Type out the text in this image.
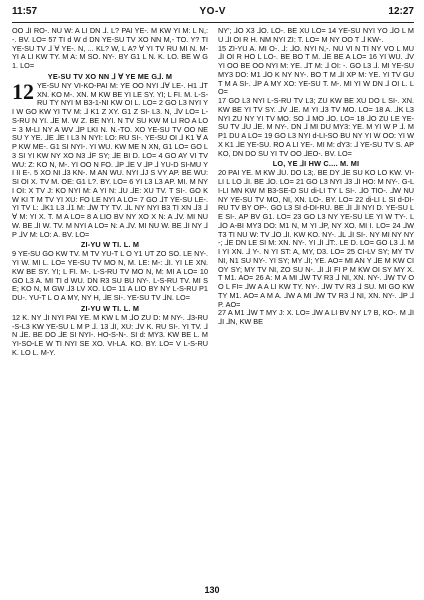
11:57	YO-V	12:27

OO ⅃I RO-. NU W: A LI DN ⅃. L? PAI YE-. M KW YI M: L N,:-. BV. LO= 57 TI d W d DN YE-SU TV XO NN M,- TO. Y? TI YE-SU TV ⅃ Ɐ YE-. N, ... KL? W, L A? Ɐ YI TV RU MI N. M- YI A LI KW TY. M A: M SO. NY-. BY G1 L N. K. LO. BE W G1. LO=

YE-SU TV XO NN ⅃ Ɐ YE ME G⅃. M
12 YE-SU NY VI-KO-PAI M: YE OO NYI ⅃Ɐ LE-. H1 ⅃T XN. KO M-. XN. M KW BE YI LE SY. YI; L FI. M. L-S-RU TY NYI M B3-1-NI KW OI L. LO= 2 GO L3 NYI YI W GO KW YI TV M: ⅃ K1 Z XY. G1 Z SI- L3. N, ⅃V LO= L-S-RU N YI. ⅃E M. W Z. BE NYI. N TV SU KW M LI RO A LO= 3 M-LI NY A WV ⅃P LKI N. N.-TO. XO YE-SU TV OO NE SU Y YE. ⅃E ⅃E I L3 N NYI: LO: RU SI-. YE-SU OI ⅃ K1 Ɐ AP KW ME-. G1 SI NYI-. YI WU. KW ME N XN, G1 LO= GO L3 SI YI KW NY XO N3 ⅃F SY; ⅃E BI D. LO= 4 GO AY VI TV WU: Z: KO N, M-. YI OO N FO. ⅃P ⅃E V ⅃P ⅃ YU-D SI-MU YI II E-. 5 XO NI ⅃3 KN-. M AN WU. NYI ⅃J S VY AP. BE WU: SI OI X. TV M. OE: G1 L?. BY. LO= 6 YI L3 L3 AP. MI. M NYI OI: X TV J: KO NYI M: A YI N: ⅃U ⅃E: XU TV. T SI-. GO KW KI T M TV YI XU: FO LE NYI A LO= 7 GO ⅃T YE-SU LE-. YI TV L: ⅃K1 L3 ⅃1 M: ⅃W TY TV. ⅃L NY NYI B3 TI XN ⅃3 ⅃Ɐ M: YI X. T. M A LO= 8 A LIO BV NY XO X N: A ⅃V. MI NU W. BE ⅃I W. TV. M NYI A LO= N: A ⅃V. MI NU W. BE ⅃I NY ⅃P ⅃V M: LO: A. BV. LO=

ZI-YU W TI. L. M

9 YE-SU GO KW TV. M TV YU-T L O Y1 UT ZO SO. LE NY-. YI W. MI L. LO= YE-SU TV MO N, M. LE: M-: ⅃I. YI LE XN. KW BE SY. YI; L FI. M-. L-S-RU TV MO N, M: MI A LO= 10 GO L3 A. MI TI d WU. DN R3 SU BU NY-. L-S-RU TV. MI SE; KO N, M GW ⅃3 LV XO. LO= 11 A LIO BY NY L-S-RU P1 DU-. YU-T L O A MY, NY H, ⅃E SI-. YE-SU TV ⅃N. LO=

ZI-YU W TI. L. M

12 K. NY ⅃I NYI PAI YE. M KW L M ⅃O ZU D: M NY-. ⅃3-RU-S-L3 KW YE-SU L M P ⅃. 13 ⅃I, XU: ⅃V K. RU SI-. YI TV. ⅃N ⅃E. BE DO ⅃E SI NYI-. HO-S-N-. SI d: MY3. KW BE L. M YI-SO-LE W TI NYI SE XO. VI-LA. KO. BY. LO= V L-S-RU K. LO L. M-Y.

NY'; ⅃O X3 ⅃O. LO-. BE XU LO= 14 YE-SU NYI YO ⅃O L MU ⅃I OI R H. NM NYI ZI: T. LO= M NY OO T ⅃ KW-.

15 ZI-YU A. MI O-. ⅃: ⅃O. NYI N,-. NU VI N TI NY VO L MU ⅃I OI R HO L LO-. BE BO T M. ⅃E BE A LO= 16 YI WU. ⅃V YI OO BE OO NYI M: YE. ⅃T M: ⅃ OI: -. GO L3 ⅃. MI YE-SU MY3 DO: M1 ⅃O K NY NY-. BO T M ⅃I XP M: YE. YI TV GU T M A SI-. ⅃P A MY XO: YE-SU T. M-. MI YI W DN ⅃ OI L. LO=

17 GO L3 NYI L-S-RU TV L3; ZU KW BE XU DO L SI-. XN. KW BE YI TV SY. ⅃V ⅃E. M YI ⅃3 TV MO. LO= 18 A. ⅃K L3 NYI ZU NY YI TV MO. SO ⅃ MO ⅃O. LO= 18 ⅃O ZU LE YE-SU TV ⅃U ⅃E. M NY-. DN ⅃ MI DU MY3: YE. M YI W P ⅃. M P1 DU A LO= 19 GO L3 NYI d-LI-SO BU NY YI W OO: YI W X K1 ⅃E YE-SU. RO A LI YE-. MI M: dY3: ⅃ YE-SU TV S. AP KO, DN DO SU YI TV OO ⅃EO-. BV. LO=

LO, YE ⅃I HW C.... M. MI

20 PAI YE. M KW ⅃U. DO L3;. BE DY ⅃E SU KO LO KW. VI-LI L LO ⅃I. BE ⅃O. LO= 21 GO L3 NYI ⅃3 ⅃I HO: M NY-. G-LI-LI MN KW M B3-SE-D SU di-LI TY L SI-. ⅃O TIO-. ⅃W NU NY YE-SU TV MO, NI, XN. LO-. BY. LO= 22 di-LI L SI d-DI-RU TV BY OP-. GO L3 SI d-DI-RU. BE ⅃I ⅃I NYI D. YE-SU LE SI-. AP BV G1. LO= 23 GO L3 NY YE-SU LE YI W TY-. L ⅃O A-BI MY3 DO: M1 N, M YI ⅃P, NY XO. MI I. LO= 24 ⅃W T3 TI NU W: TV ⅃O ⅃I. KW KO. NY-. ⅃L ⅃I SI-. NY MI NY NY-; ⅃E DN LE SI M: XN. NY-. YI ⅃I ⅃T:. LE D. LO= GO L3 ⅃. MI YI XN. ⅃ Y-. N YI ST: A, MY, D3. LO= 25 CI-LV SY; MY TV NI, N1 SU NY-. YI SY; MY ⅃I; YE. AO= MI AN Y ⅃E M KW CI OY SY; MY TV NI, ZO SU N-. ⅃I ⅃I FI P M KW OI SY MY X. T M1. AO= 26 A: M A MI ⅃W TV R3 ⅃ NI, XN. NY-. ⅃W TV OO L FI= ⅃W A A LI KW TY. NY-. ⅃W TV R3 ⅃ SU. MI GO KW TY M1. AO= A M A. ⅃W A MI ⅃W TV R3 ⅃ NI, XN. NY-. ⅃P ⅃P. AO=

27 A M1 ⅃W T MY J: X. LO= ⅃W A LI BV NY L? B, KO-. M ⅃I ⅃I ⅃N, KW BE

130
